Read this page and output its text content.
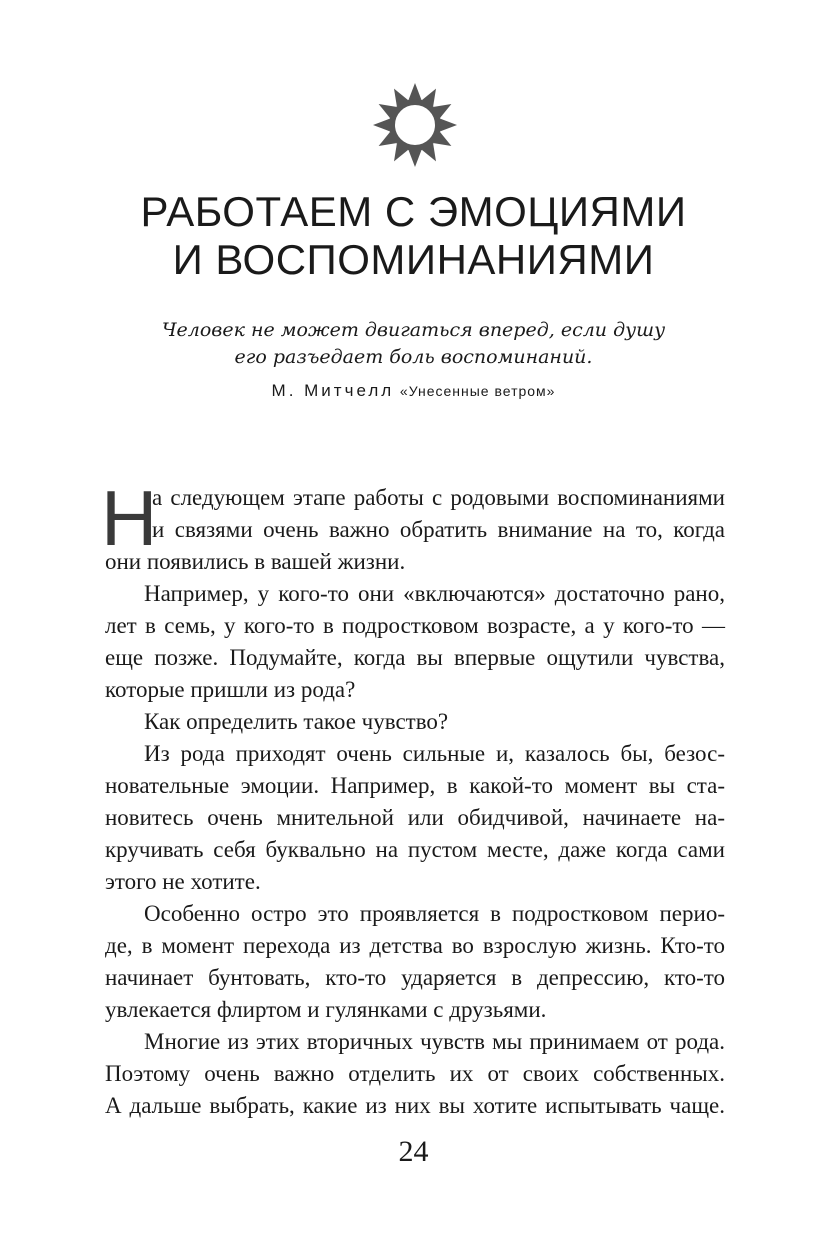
РАБОТАЕМ С ЭМОЦИЯМИ
И ВОСПОМИНАНИЯМИ
Человек не может двигаться вперед, если душу
его разъедает боль воспоминаний.
М. Митчелл «Унесенные ветром»
Н
а следующем этапе работы с родовыми воспоминаниями
и связями очень важно обратить внимание на то, когда
они появились в вашей жизни.
Например, у кого-то они «включаются» достаточно рано,
лет в семь, у кого-то в подростковом возрасте, а у кого-то —
еще позже. Подумайте, когда вы впервые ощутили чувства,
которые пришли из рода?
Как определить такое чувство?
Из рода приходят очень сильные и, казалось бы, безос-
новательные эмоции. Например, в какой-то момент вы ста-
новитесь очень мнительной или обидчивой, начинаете на-
кручивать себя буквально на пустом месте, даже когда сами
этого не хотите.
Особенно остро это проявляется в подростковом перио-
де, в момент перехода из детства во взрослую жизнь. Кто-то
начинает бунтовать, кто-то ударяется в депрессию, кто-то
увлекается флиртом и гулянками с друзьями.
Многие из этих вторичных чувств мы принимаем от рода.
Поэтому очень важно отделить их от своих собственных.
А дальше выбрать, какие из них вы хотите испытывать чаще.
24
